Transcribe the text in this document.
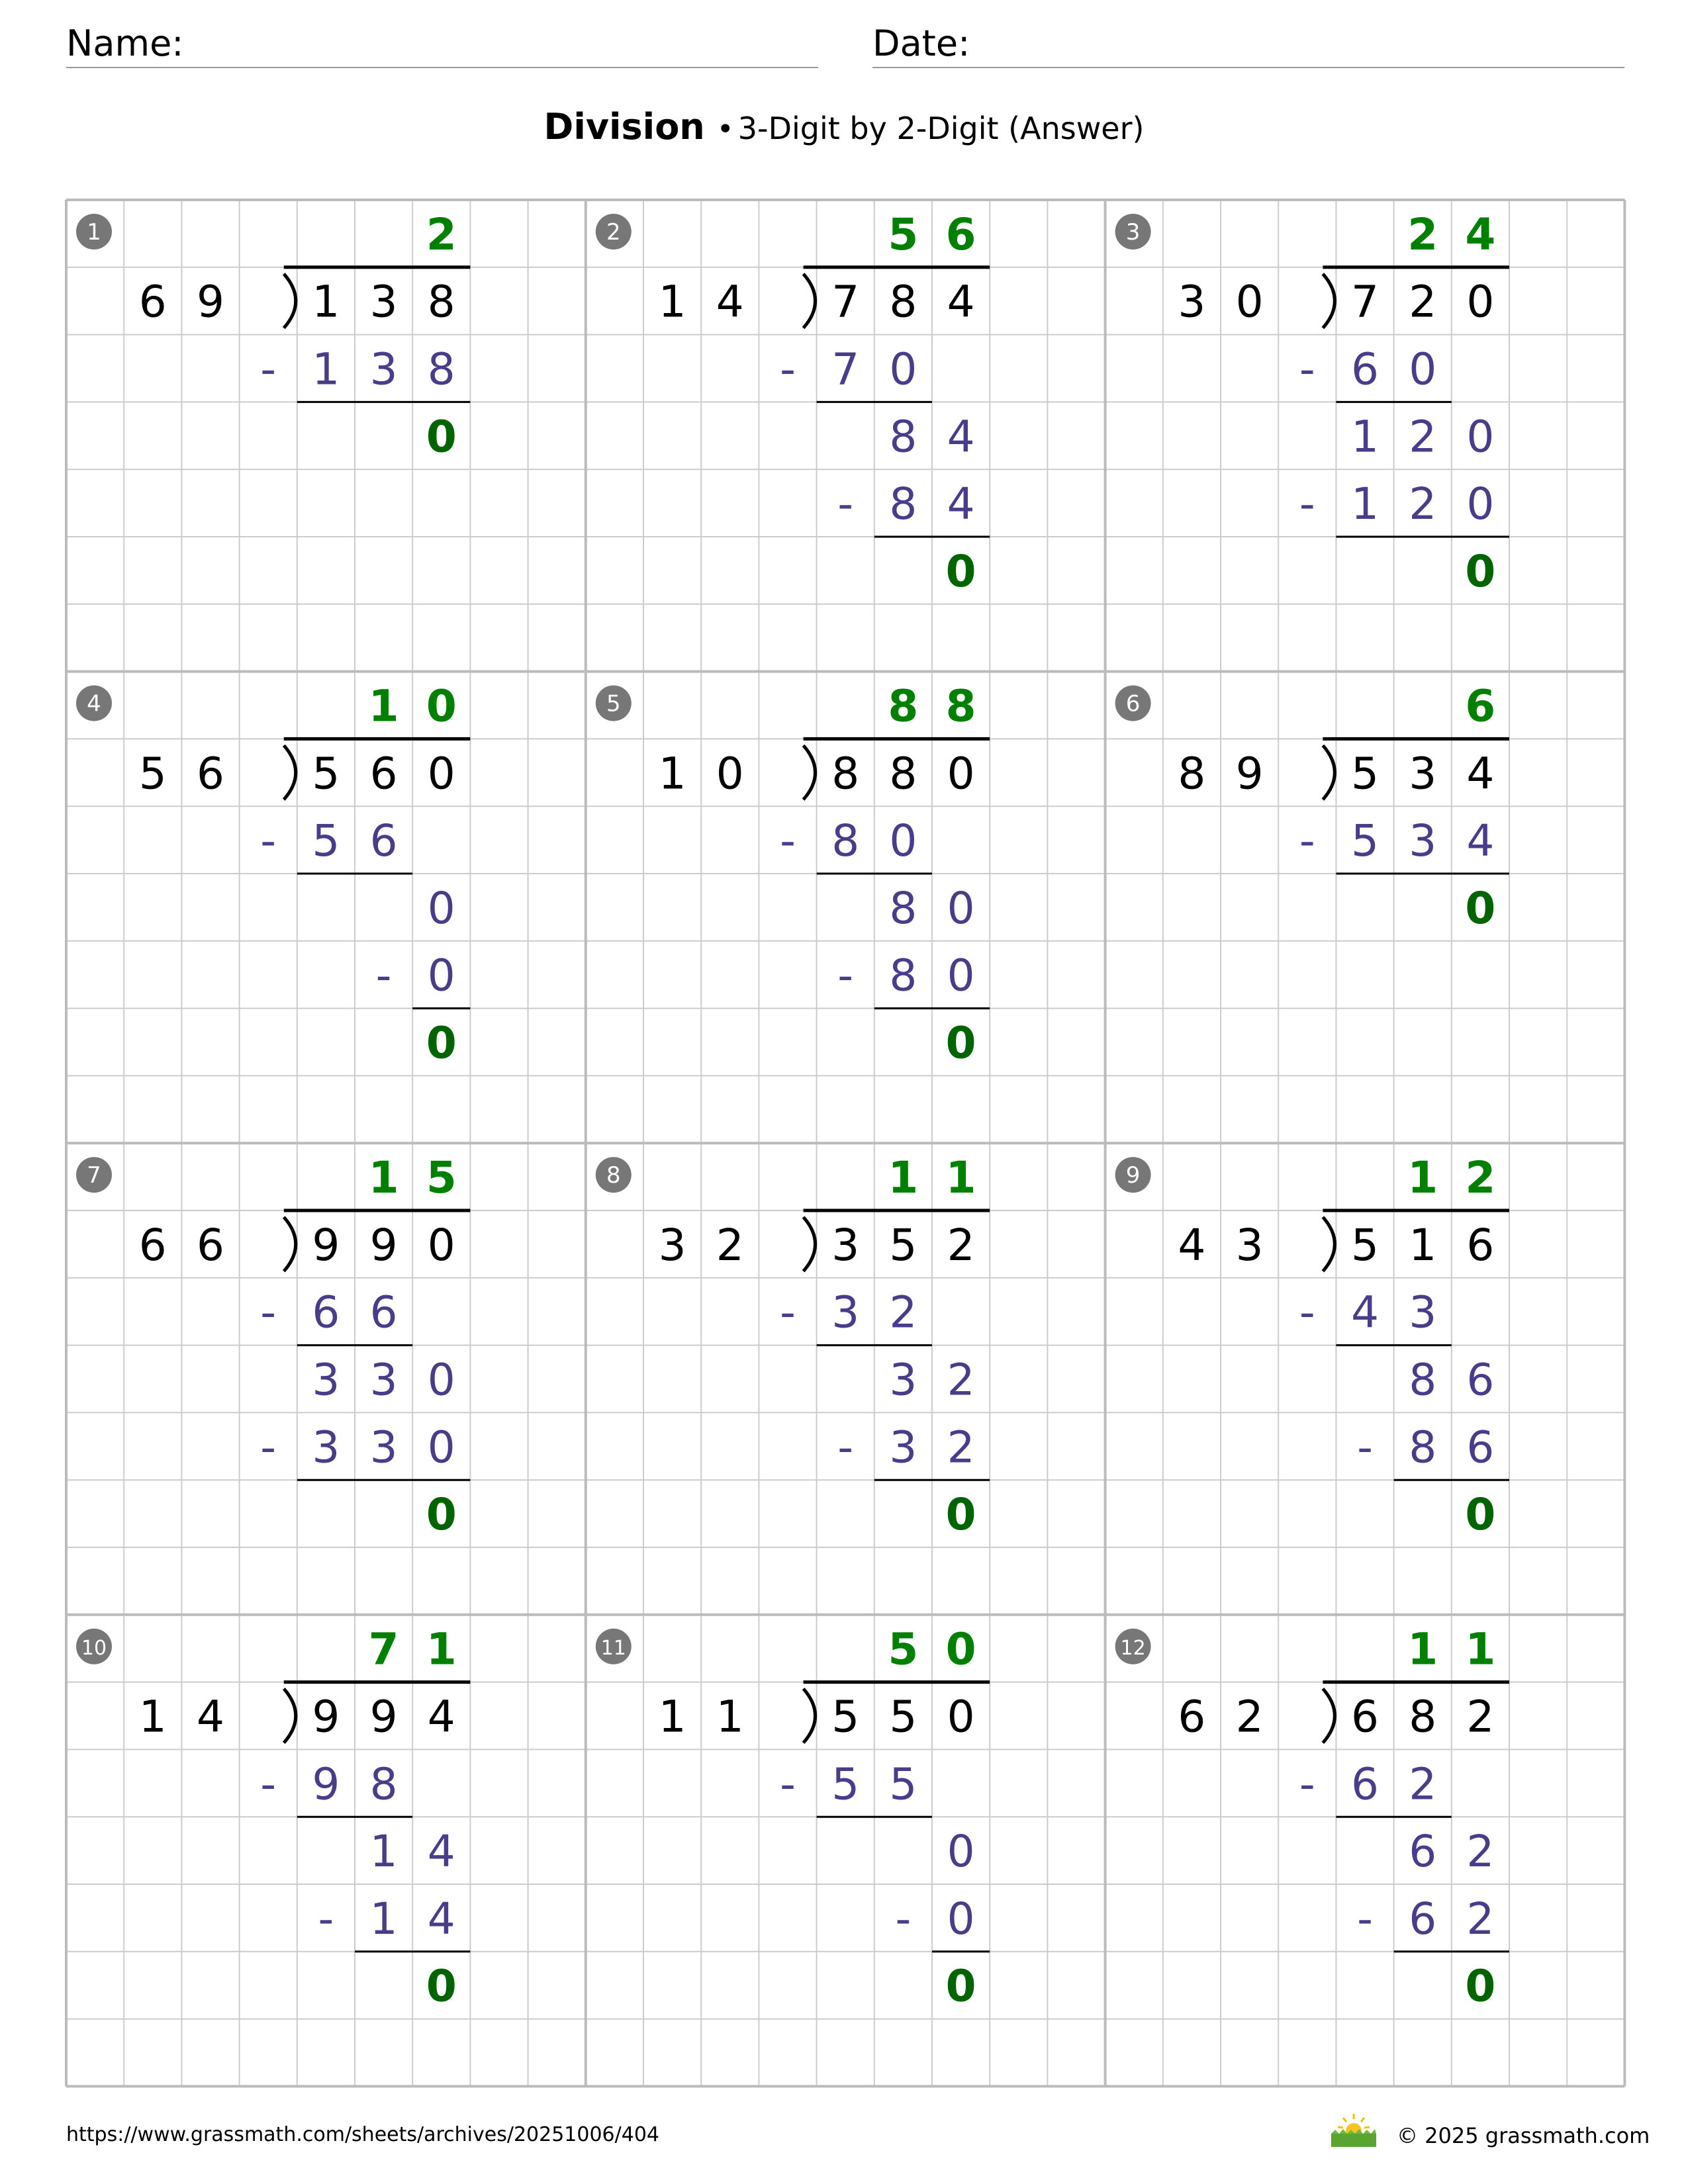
Name:	Date:
Division • 3-Digit by 2-Digit (Answer)
1
6 9 1 3 8
2
- 1 3 8
0
2
1 4 7 8 4
5 6
- 7 0
8 4
- 8 4
0
3
3 0 7 2 0
2 4
- 6 0
1 2 0
- 1 2 0
0
4
5 6 5 6 0
1 0
- 5 6
0
- 0
0
5
1 0 8 8 0
8 8
- 8 0
8 0
- 8 0
0
6
8 9 5 3 4
6
- 5 3 4
0
7
6 6 9 9 0
1 5
- 6 6
3 3 0
- 3 3 0
0
8
3 2 3 5 2
1 1
- 3 2
3 2
- 3 2
0
9
4 3 5 1 6
1 2
- 4 3
8 6
- 8 6
0
10
1 4 9 9 4
7 1
- 9 8
1 4
- 1 4
0
11
1 1 5 5 0
5 0
- 5 5
0
- 0
0
12
6 2 6 8 2
1 1
- 6 2
6 2
- 6 2
0
https://www.grassmath.com/sheets/archives/20251006/404	© 2025 grassmath.com
